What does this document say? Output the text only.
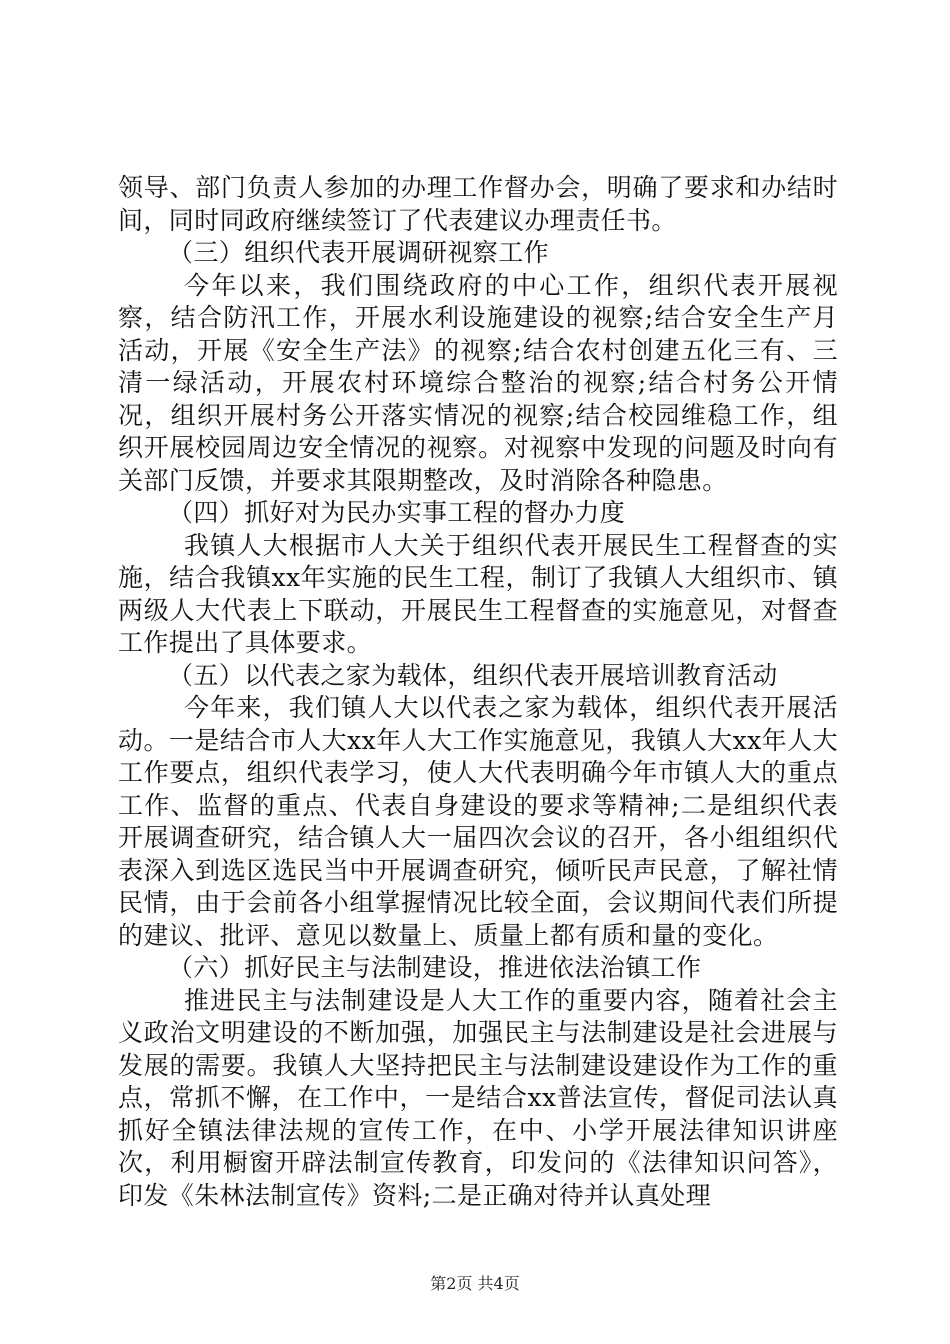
领导、部门负责人参加的办理工作督办会，明确了要求和办结时间，同时同政府继续签订了代表建议办理责任书。

（三）组织代表开展调研视察工作

今年以来，我们围绕政府的中心工作，组织代表开展视察，结合防汛工作，开展水利设施建设的视察;结合安全生产月活动，开展《安全生产法》的视察;结合农村创建五化三有、三清一绿活动，开展农村环境综合整治的视察;结合村务公开情况，组织开展村务公开落实情况的视察;结合校园维稳工作，组织开展校园周边安全情况的视察。对视察中发现的问题及时向有关部门反馈，并要求其限期整改，及时消除各种隐患。

（四）抓好对为民办实事工程的督办力度

我镇人大根据市人大关于组织代表开展民生工程督查的实施，结合我镇xx年实施的民生工程，制订了我镇人大组织市、镇两级人大代表上下联动，开展民生工程督查的实施意见，对督查工作提出了具体要求。

（五）以代表之家为载体，组织代表开展培训教育活动

今年来，我们镇人大以代表之家为载体，组织代表开展活动。一是结合市人大xx年人大工作实施意见，我镇人大xx年人大工作要点，组织代表学习，使人大代表明确今年市镇人大的重点工作、监督的重点、代表自身建设的要求等精神;二是组织代表开展调查研究，结合镇人大一届四次会议的召开，各小组组织代表深入到选区选民当中开展调查研究，倾听民声民意，了解社情民情，由于会前各小组掌握情况比较全面，会议期间代表们所提的建议、批评、意见以数量上、质量上都有质和量的变化。

（六）抓好民主与法制建设，推进依法治镇工作

推进民主与法制建设是人大工作的重要内容，随着社会主义政治文明建设的不断加强，加强民主与法制建设是社会进展与发展的需要。我镇人大坚持把民主与法制建设建设作为工作的重点，常抓不懈，在工作中，一是结合xx普法宣传，督促司法认真抓好全镇法律法规的宣传工作，在中、小学开展法律知识讲座次，利用橱窗开辟法制宣传教育，印发问的《法律知识问答》，印发《朱林法制宣传》资料;二是正确对待并认真处理

第2页 共4页
